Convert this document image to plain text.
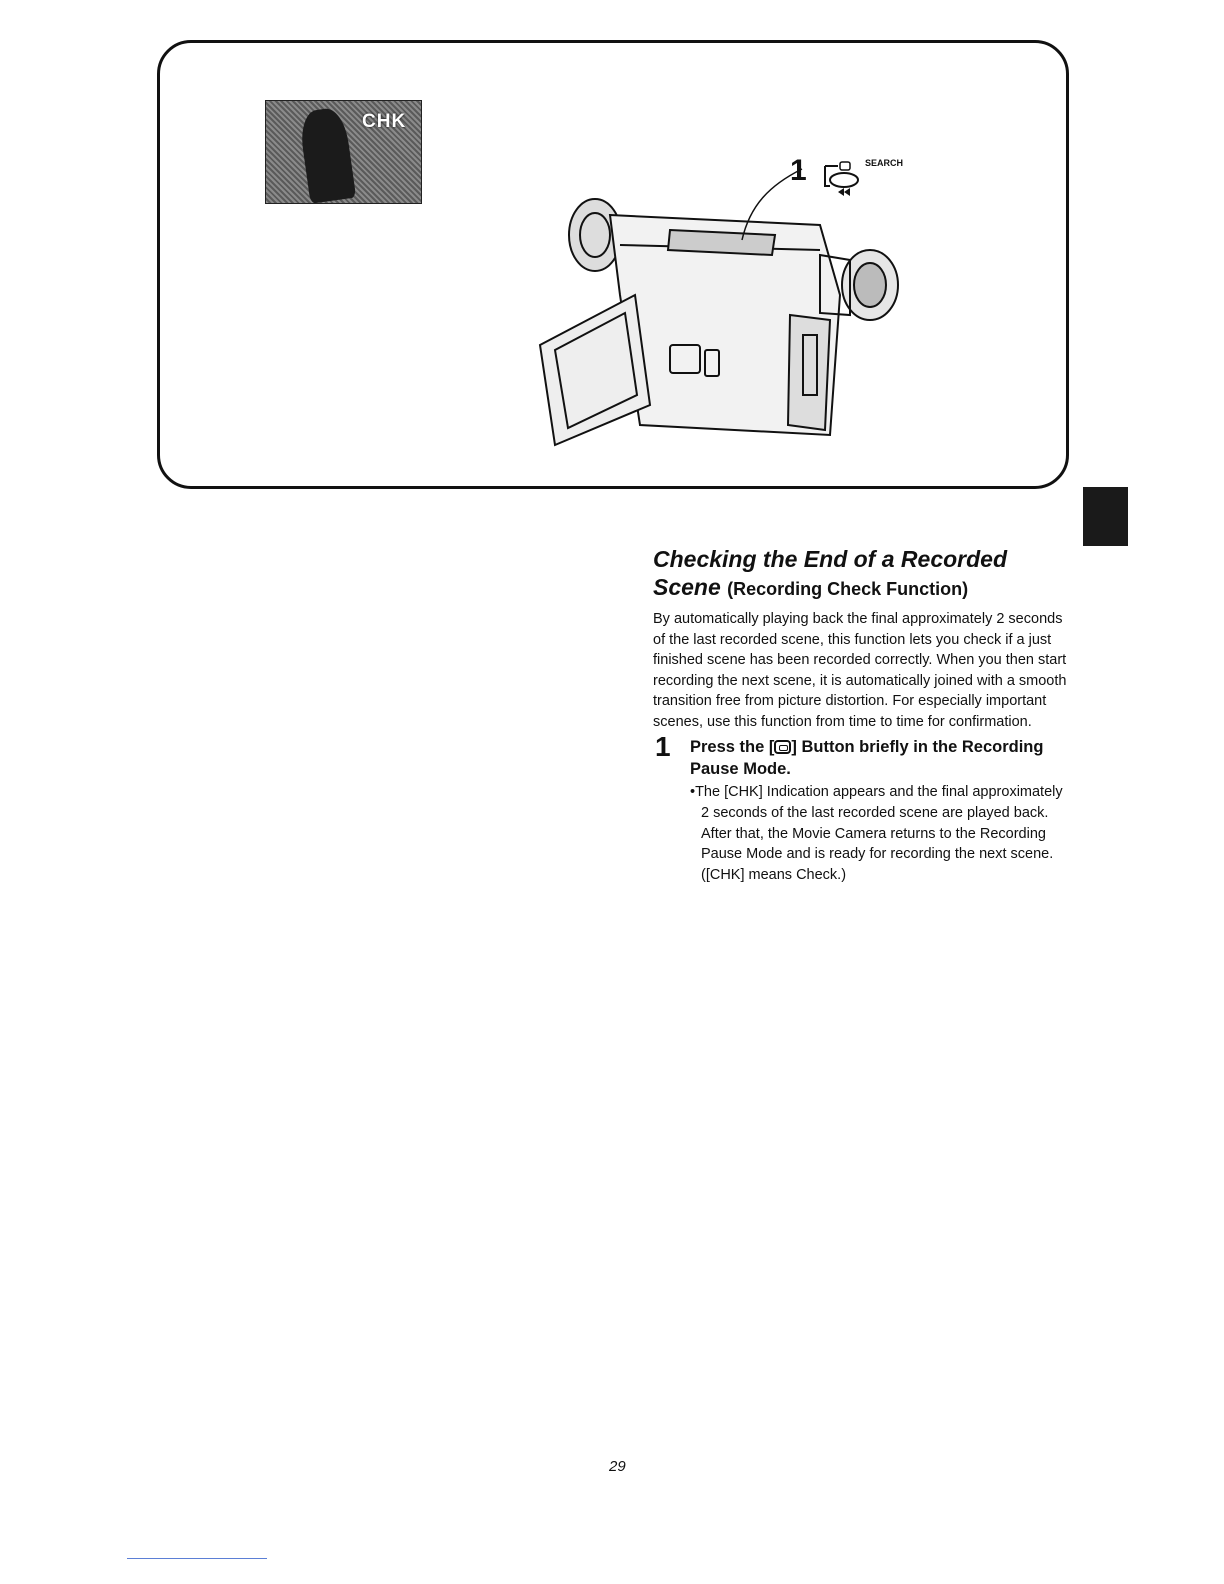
CHK
1	SEARCH
Checking the End of a Recorded
Scene (Recording Check Function)

By automatically playing back the final approximately 2 seconds of the last recorded scene, this function lets you check if a just finished scene has been recorded correctly. When you then start recording the next scene, it is automatically joined with a smooth transition free from picture distortion. For especially important scenes, use this function from time to time for confirmation.

1 Press the [ ] Button briefly in the Recording Pause Mode.
•The [CHK] Indication appears and the final approximately 2 seconds of the last recorded scene are played back.
After that, the Movie Camera returns to the Recording Pause Mode and is ready for recording the next scene.
([CHK] means Check.)
29
